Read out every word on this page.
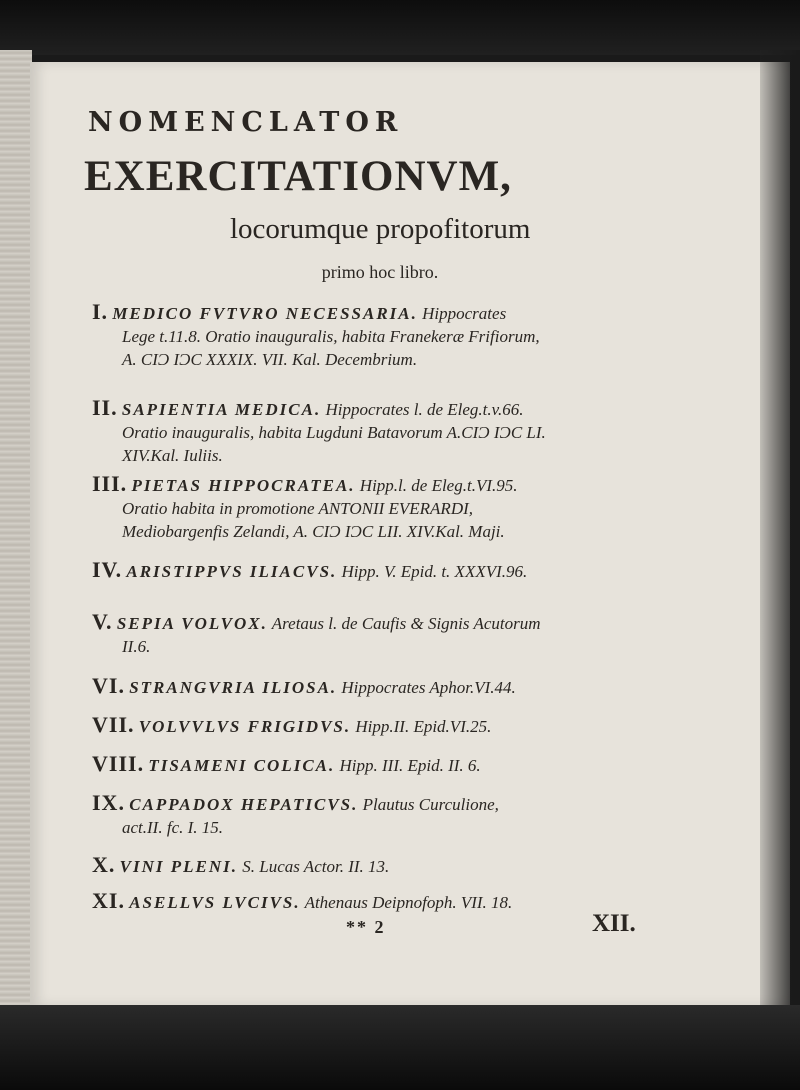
NOMENCLATOR
EXERCITATIONVM,
locorumque propofitorum
primo hoc libro.
I. MEDICO FVTVRO NECESSARIA. Hippocrates
Lege t.11.8. Oratio inauguralis, habita Franekeræ Frifiorum,
A. CIƆ IƆC XXXIX. VII. Kal. Decembrium.
II. SAPIENTIA MEDICA. Hippocrates l. de Eleg.t.v.66.
Oratio inauguralis, habita Lugduni Batavorum A.CIƆ IƆC LI.
XIV.Kal. Iuliis.
III. PIETAS HIPPOCRATEA. Hipp.l. de Eleg.t.VI.95.
Oratio habita in promotione ANTONII EVERARDI,
Mediobargenfis Zelandi, A. CIƆ IƆC LII. XIV.Kal. Maji.
IV. ARISTIPPVS ILIACVS. Hipp. V. Epid. t. XXXVI.96.
V. SEPIA VOLVOX. Aretaus l. de Caufis & Signis Acutorum
II.6.
VI. STRANGVRIA ILIOSA. Hippocrates Aphor.VI.44.
VII. VOLVVLVS FRIGIDVS. Hipp.II. Epid.VI.25.
VIII. TISAMENI COLICA. Hipp. III. Epid. II. 6.
IX. CAPPADOX HEPATICVS. Plautus Curculione,
act.II. fc. I. 15.
X. VINI PLENI. S. Lucas Actor. II. 13.
XI. ASELLVS LVCIVS. Athenaus Deipnofoph. VII. 18.
** 2	XII.
